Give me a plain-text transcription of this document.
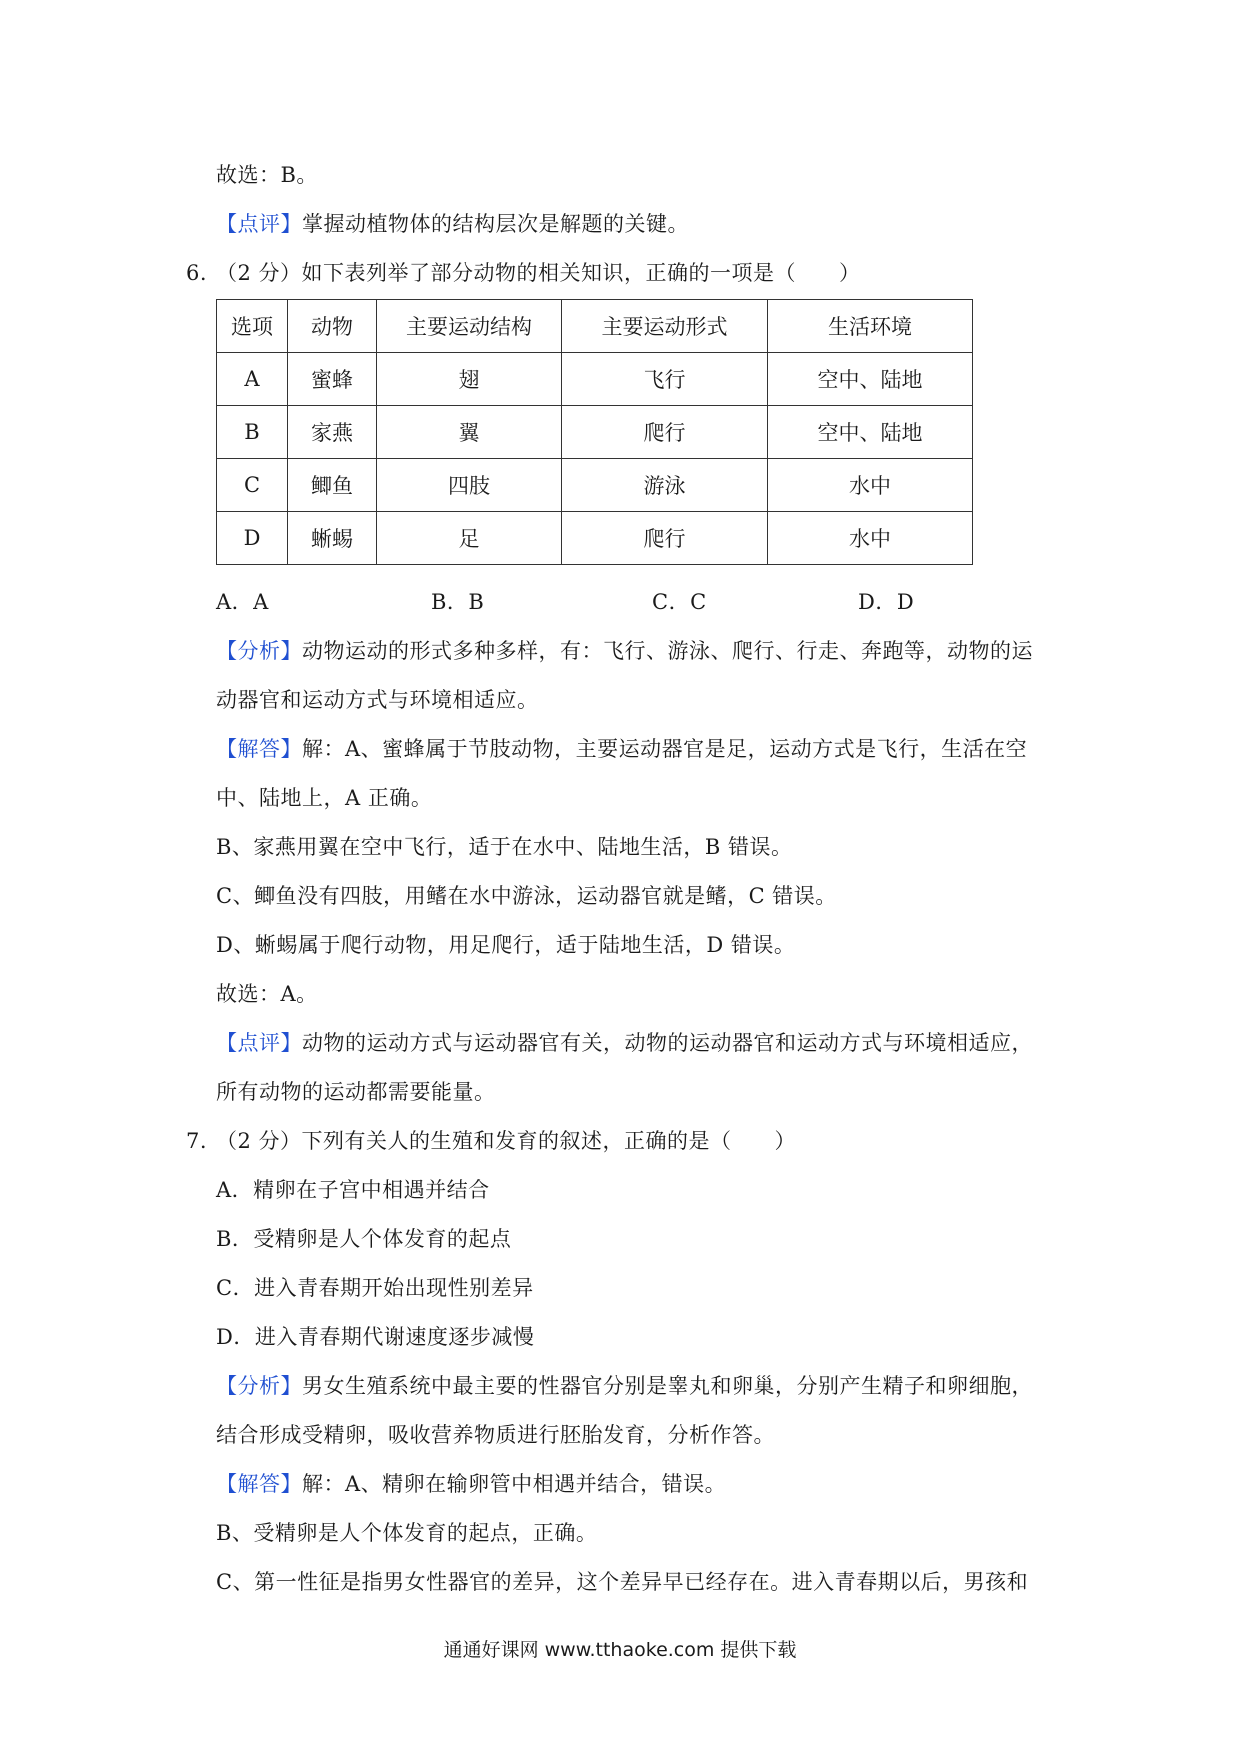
故选：B。
【点评】掌握动植物体的结构层次是解题的关键。
6. （2 分）如下表列举了部分动物的相关知识，正确的一项是（　　）
选项	动物	主要运动结构	主要运动形式	生活环境
A	蜜蜂	翅	飞行	空中、陆地
B	家燕	翼	爬行	空中、陆地
C	鲫鱼	四肢	游泳	水中
D	蜥蜴	足	爬行	水中
A．A	B．B	C．C	D．D
【分析】动物运动的形式多种多样，有：飞行、游泳、爬行、行走、奔跑等，动物的运
动器官和运动方式与环境相适应。
【解答】解：A、蜜蜂属于节肢动物，主要运动器官是足，运动方式是飞行，生活在空
中、陆地上，A 正确。
B、家燕用翼在空中飞行，适于在水中、陆地生活，B 错误。
C、鲫鱼没有四肢，用鳍在水中游泳，运动器官就是鳍，C 错误。
D、蜥蜴属于爬行动物，用足爬行，适于陆地生活，D 错误。
故选：A。
【点评】动物的运动方式与运动器官有关，动物的运动器官和运动方式与环境相适应，
所有动物的运动都需要能量。
7. （2 分）下列有关人的生殖和发育的叙述，正确的是（　　）
A．精卵在子宫中相遇并结合
B．受精卵是人个体发育的起点
C．进入青春期开始出现性别差异
D．进入青春期代谢速度逐步减慢
【分析】男女生殖系统中最主要的性器官分别是睾丸和卵巢，分别产生精子和卵细胞，
结合形成受精卵，吸收营养物质进行胚胎发育，分析作答。
【解答】解：A、精卵在输卵管中相遇并结合，错误。
B、受精卵是人个体发育的起点，正确。
C、第一性征是指男女性器官的差异，这个差异早已经存在。进入青春期以后，男孩和
通通好课网 www.tthaoke.com 提供下载
